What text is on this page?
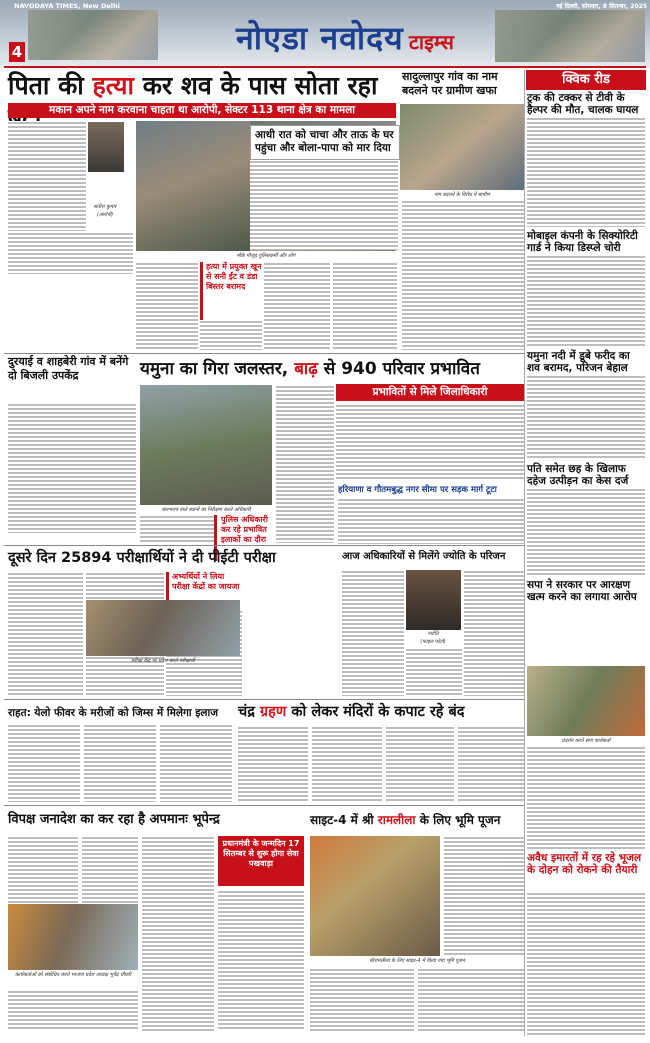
NAVODAYA TIMES, New Delhi
4	नोएडा नवोदय टाइम्स
नई दिल्ली, सोमवार, 8 सितम्बर, 2025
पिता की हत्या कर शव के पास सोता रहा
मकान अपने नाम करवाना चाहता था आरोपी, सेक्टर 113 थाना क्षेत्र का मामला
सतीश कुमार
(आरोपी)
मौके मौजूद पुलिसकर्मी और लोग
आधी रात को चाचा और ताऊ के घर पहुंचा और बोला-पापा को मार दिया
हत्या में प्रयुक्त खून से सनी ईंट व डंडा बिस्तर बरामद
सादुल्लापुर गांव का नाम बदलने पर ग्रामीण खफा
नाम बदलने के विरोध में ग्रामीण
क्विक रीड
ट्रक की टक्कर से टीवी के हैल्पर की मौत, चालक घायल
मोबाइल कंपनी के सिक्योरिटी गार्ड ने किया डिस्प्ले चोरी
यमुना नदी में डूबे फरीद का शव बरामद, परिजन बेहाल
पति समेत छह के खिलाफ दहेज उत्पीड़न का केस दर्ज
सपा ने सरकार पर आरक्षण खत्म करने का लगाया आरोप
प्रदर्शन करते सपा कार्यकर्ता
अवैध इमारतों में रह रहे भूजल के दोहन को रोकने की तैयारी
दुरयाई व शाहबेरी गांव में बनेंगे दो बिजली उपकेंद्र	यमुना का गिरा जलस्तर, बाढ़ से 940 परिवार प्रभावित
जलभराव वाले स्थानों का निरीक्षण करते अधिकारी
प्रभावितों से मिले जिलाधिकारी
पुलिस अधिकारी कर रहे प्रभावित इलाकों का दौरा
हरियाणा व गौतमबुद्ध नगर सीमा पर सड़क मार्ग टूटा
दूसरे दिन 25894 परीक्षार्थियों ने दी पीईटी परीक्षा
अभ्यर्थियों ने लिया परीक्षा केंद्रों का जायजा
परीक्षा केंद्र पर प्रवेश करते परीक्षार्थी
आज अधिकारियों से मिलेंगे ज्योति के परिजन
ज्योति
(फाइल फोटो)
राहत: येलो फीवर के मरीजों को जिम्स में मिलेगा इलाज	चंद्र ग्रहण को लेकर मंदिरों के कपाट रहे बंद
विपक्ष जनादेश का कर रहा है अपमानः भूपेन्द्र
कार्यकर्ताओं को संबोधित करते भाजपा प्रदेश अध्यक्ष भूपेंद्र चौधरी
प्रधानमंत्री के जन्मदिन 17 सितम्बर से शुरू होगा सेवा पखवाड़ा
साइट-4 में श्री रामलीला के लिए भूमि पूजन
श्रीरामलीला के लिए साइट-4 में किया गया भूमि पूजन
